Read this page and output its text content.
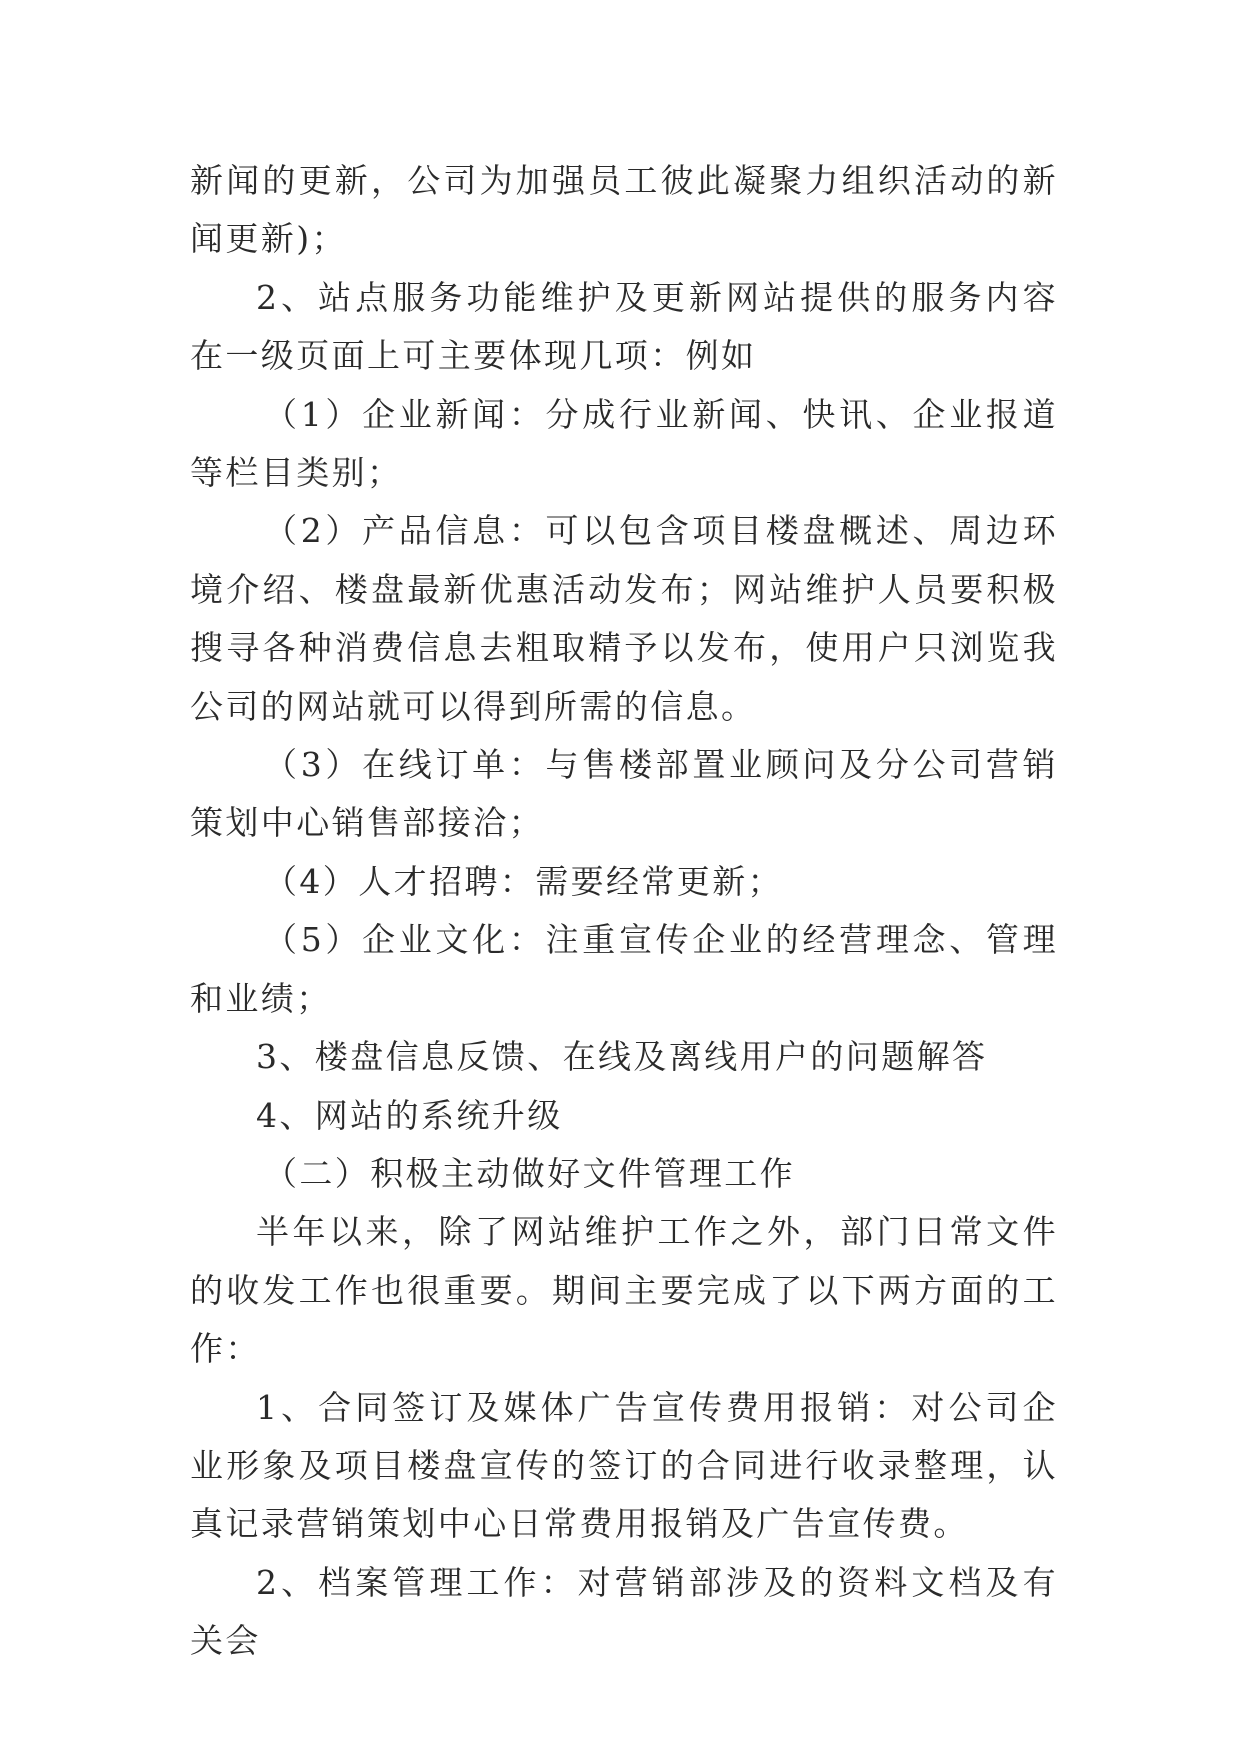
新闻的更新，公司为加强员工彼此凝聚力组织活动的新闻更新)；

2、站点服务功能维护及更新网站提供的服务内容在一级页面上可主要体现几项：例如

（1）企业新闻：分成行业新闻、快讯、企业报道等栏目类别；

（2）产品信息：可以包含项目楼盘概述、周边环境介绍、楼盘最新优惠活动发布；网站维护人员要积极搜寻各种消费信息去粗取精予以发布，使用户只浏览我公司的网站就可以得到所需的信息。

（3）在线订单：与售楼部置业顾问及分公司营销策划中心销售部接洽；

（4）人才招聘：需要经常更新；

（5）企业文化：注重宣传企业的经营理念、管理和业绩；

3、楼盘信息反馈、在线及离线用户的问题解答

4、网站的系统升级

（二）积极主动做好文件管理工作

半年以来，除了网站维护工作之外，部门日常文件的收发工作也很重要。期间主要完成了以下两方面的工作：

1、合同签订及媒体广告宣传费用报销：对公司企业形象及项目楼盘宣传的签订的合同进行收录整理，认真记录营销策划中心日常费用报销及广告宣传费。

2、档案管理工作：对营销部涉及的资料文档及有关会
